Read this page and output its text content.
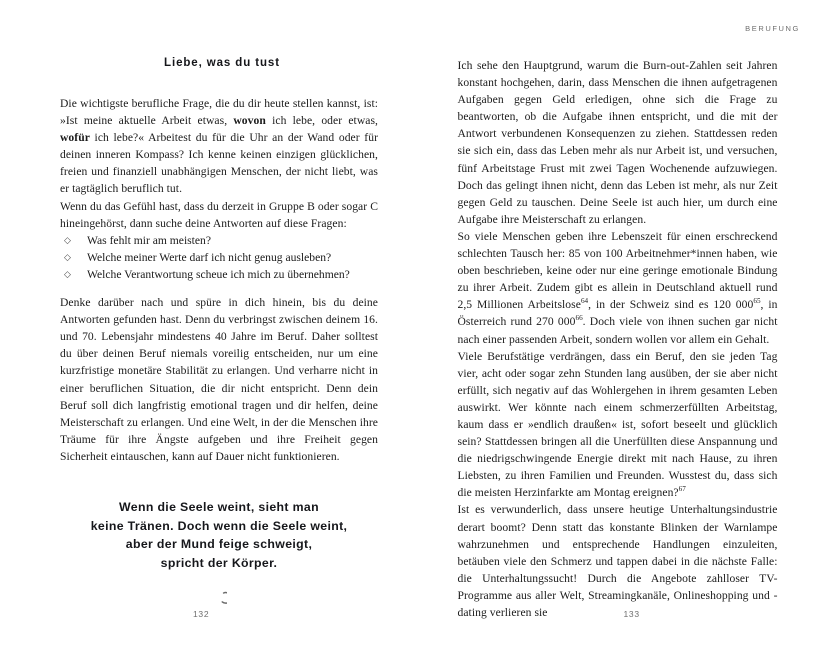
Liebe, was du tust

Die wichtigste berufliche Frage, die du dir heute stellen kannst, ist: »Ist meine aktuelle Arbeit etwas, wovon ich lebe, oder etwas, wofür ich lebe?« Arbeitest du für die Uhr an der Wand oder für deinen inneren Kompass? Ich kenne keinen einzigen glücklichen, freien und finanziell unabhängigen Menschen, der nicht liebt, was er tagtäglich beruflich tut.

Wenn du das Gefühl hast, dass du derzeit in Gruppe B oder sogar C hineingehörst, dann suche deine Antworten auf diese Fragen:

◇ Was fehlt mir am meisten?
◇ Welche meiner Werte darf ich nicht genug ausleben?
◇ Welche Verantwortung scheue ich mich zu übernehmen?

Denke darüber nach und spüre in dich hinein, bis du deine Antworten gefunden hast. Denn du verbringst zwischen deinem 16. und 70. Lebensjahr mindestens 40 Jahre im Beruf. Daher solltest du über deinen Beruf niemals voreilig entscheiden, nur um eine kurzfristige monetäre Stabilität zu erlangen. Und verharre nicht in einer beruflichen Situation, die dir nicht entspricht. Denn dein Beruf soll dich langfristig emotional tragen und dir helfen, deine Meisterschaft zu erlangen. Und eine Welt, in der die Menschen ihre Träume für ihre Ängste aufgeben und ihre Freiheit gegen Sicherheit eintauschen, kann auf Dauer nicht funktionieren.

Wenn die Seele weint, sieht man
keine Tränen. Doch wenn die Seele weint,
aber der Mund feige schweigt,
spricht der Körper.
132
BERUFUNG

Ich sehe den Hauptgrund, warum die Burn-out-Zahlen seit Jahren konstant hochgehen, darin, dass Menschen die ihnen aufgetragenen Aufgaben gegen Geld erledigen, ohne sich die Frage zu beantworten, ob die Aufgabe ihnen entspricht, und die mit der Antwort verbundenen Konsequenzen zu ziehen. Stattdessen reden sie sich ein, dass das Leben mehr als nur Arbeit ist, und versuchen, fünf Arbeitstage Frust mit zwei Tagen Wochenende aufzuwiegen. Doch das gelingt ihnen nicht, denn das Leben ist mehr, als nur Zeit gegen Geld zu tauschen. Deine Seele ist auch hier, um durch eine Aufgabe ihre Meisterschaft zu erlangen.

So viele Menschen geben ihre Lebenszeit für einen erschreckend schlechten Tausch her: 85 von 100 Arbeitnehmer*innen haben, wie oben beschrieben, keine oder nur eine geringe emotionale Bindung zu ihrer Arbeit. Zudem gibt es allein in Deutschland aktuell rund 2,5 Millionen Arbeitslose$^{64}$, in der Schweiz sind es 120 000$^{65}$, in Österreich rund 270 000$^{66}$. Doch viele von ihnen suchen gar nicht nach einer passenden Arbeit, sondern wollen vor allem ein Gehalt.

Viele Berufstätige verdrängen, dass ein Beruf, den sie jeden Tag vier, acht oder sogar zehn Stunden lang ausüben, der sie aber nicht erfüllt, sich negativ auf das Wohlergehen in ihrem gesamten Leben auswirkt. Wer könnte nach einem schmerzerfüllten Arbeitstag, kaum dass er »endlich draußen« ist, sofort beseelt und glücklich sein? Stattdessen bringen all die Unerfüllten diese Anspannung und die niedrigschwingende Energie direkt mit nach Hause, zu ihren Liebsten, zu ihren Familien und Freunden. Wusstest du, dass sich die meisten Herzinfarkte am Montag ereignen?$^{67}$

Ist es verwunderlich, dass unsere heutige Unterhaltungsindustrie derart boomt? Denn statt das konstante Blinken der Warnlampe wahrzunehmen und entsprechende Handlungen einzuleiten, betäuben viele den Schmerz und tappen dabei in die nächste Falle: die Unterhaltungssucht! Durch die Angebote zahlloser TV-Programme aus aller Welt, Streamingkanäle, Onlineshopping und -dating verlieren sie	133
